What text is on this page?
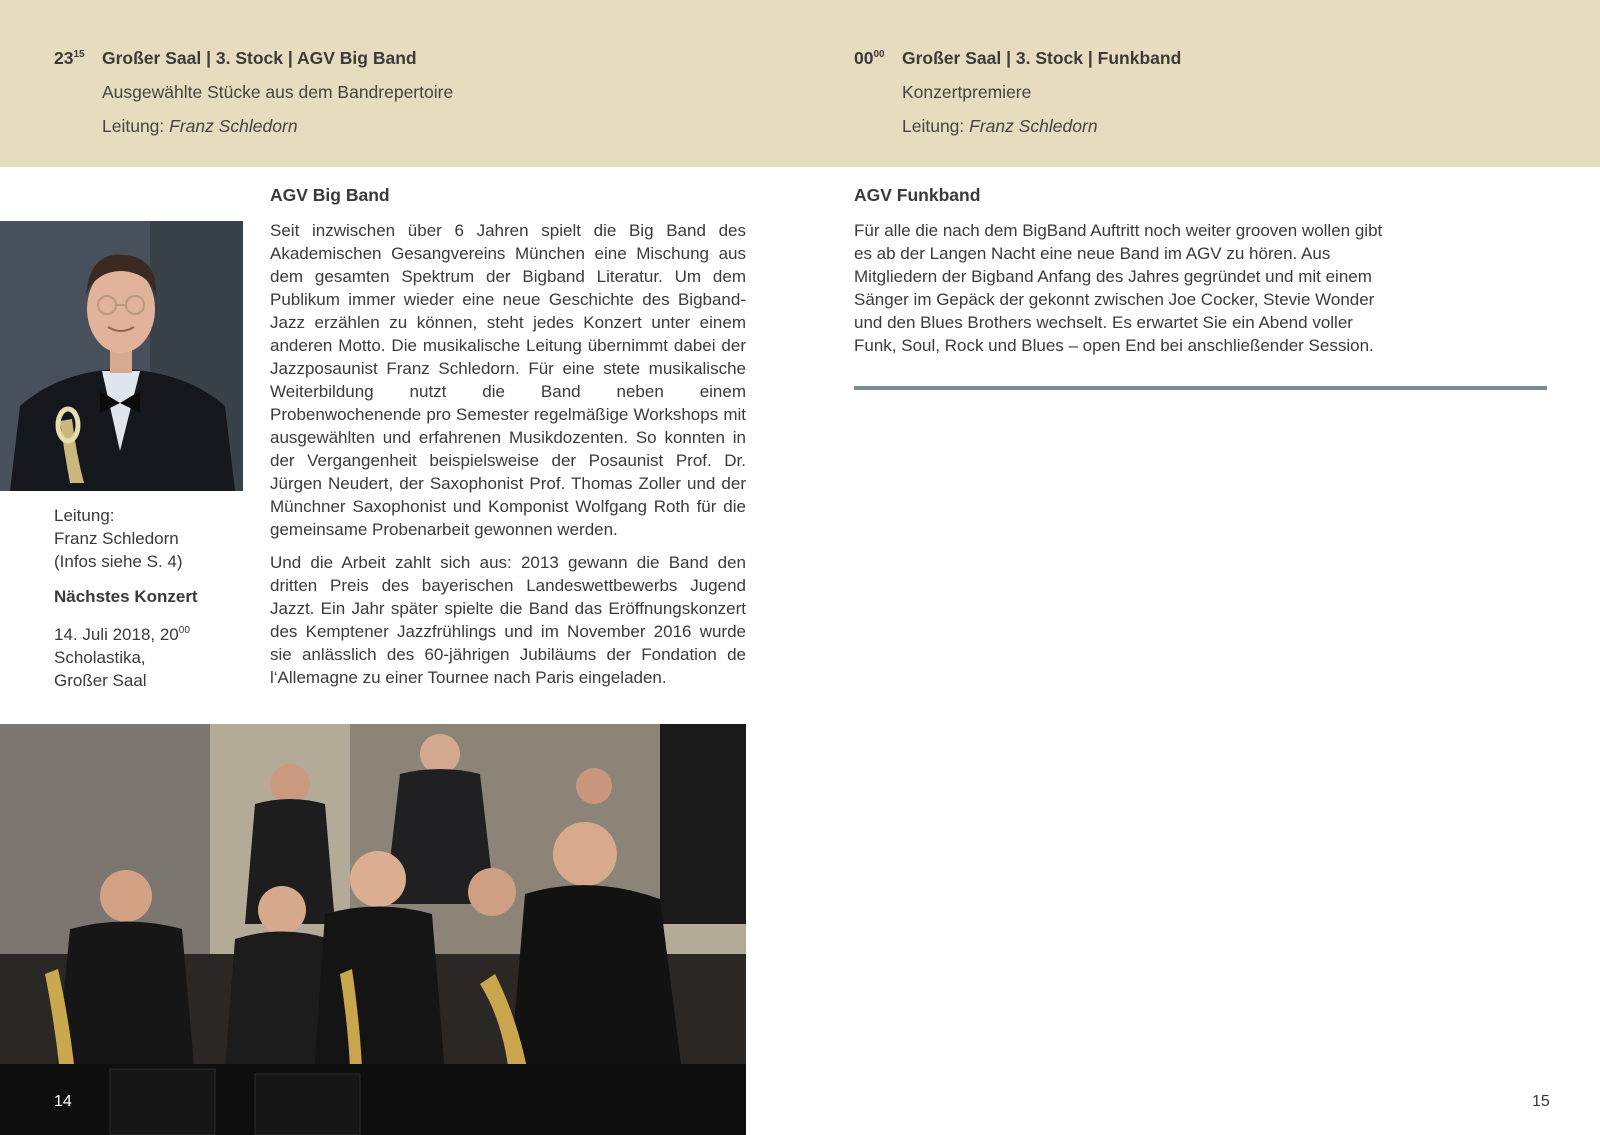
$23^{15}$ Großer Saal | 3. Stock | AGV Big Band
Ausgewählte Stücke aus dem Bandrepertoire
Leitung: Franz Schledorn
$00^{00}$ Großer Saal | 3. Stock | Funkband
Konzertpremiere
Leitung: Franz Schledorn
Leitung:
Franz Schledorn
(Infos siehe S. 4)
Nächstes Konzert
14. Juli 2018, $20^{00}$
Scholastika,
Großer Saal
AGV Big Band

Seit inzwischen über 6 Jahren spielt die Big Band des Akademischen Gesangvereins München eine Mischung aus dem gesamten Spektrum der Bigband Literatur. Um dem Publikum immer wieder eine neue Geschichte des Bigband-Jazz erzählen zu können, steht jedes Konzert unter einem anderen Motto. Die musikalische Leitung übernimmt dabei der Jazzposaunist Franz Schledorn. Für eine stete musikalische Weiterbildung nutzt die Band neben einem Probenwochenende pro Semester regelmäßige Workshops mit ausgewählten und erfahrenen Musikdozenten. So konnten in der Vergangenheit beispielsweise der Posaunist Prof. Dr. Jürgen Neudert, der Saxophonist Prof. Thomas Zoller und der Münchner Saxophonist und Komponist Wolfgang Roth für die gemeinsame Probenarbeit gewonnen werden.

Und die Arbeit zahlt sich aus: 2013 gewann die Band den dritten Preis des bayerischen Landeswettbewerbs Jugend Jazzt. Ein Jahr später spielte die Band das Eröffnungskonzert des Kemptener Jazzfrühlings und im November 2016 wurde sie anlässlich des 60-jährigen Jubiläums der Fondation de l‘Allemagne zu einer Tournee nach Paris eingeladen.

AGV Funkband

Für alle die nach dem BigBand Auftritt noch weiter grooven wollen gibt es ab der Langen Nacht eine neue Band im AGV zu hören. Aus Mitgliedern der Bigband Anfang des Jahres gegründet und mit einem Sänger im Gepäck der gekonnt zwischen Joe Cocker, Stevie Wonder und den Blues Brothers wechselt. Es erwartet Sie ein Abend voller Funk, Soul, Rock und Blues – open End bei anschließender Session.

14	15
